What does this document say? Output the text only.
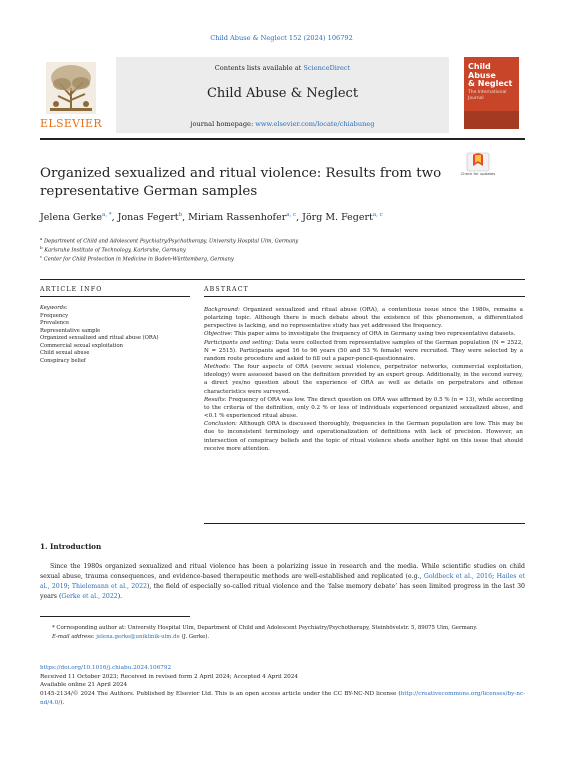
Child Abuse & Neglect 152 (2024) 106792
ELSEVIER
Contents lists available at ScienceDirect
Child Abuse & Neglect
journal homepage: www.elsevier.com/locate/chiabuneg
Child Abuse
& Neglect
The International Journal
Check for updates
Organized sexualized and ritual violence: Results from two representative German samples
Jelena Gerke$^{a, *}$, Jonas Fegert$^b$, Miriam Rassenhofer$^{a, c}$, Jörg M. Fegert$^{a, c}$
$^a$ Department of Child and Adolescent Psychiatry/Psychotherapy, University Hospital Ulm, Germany
$^b$ Karlsruhe Institute of Technology, Karlsruhe, Germany
$^c$ Center for Child Protection in Medicine in Baden-Württemberg, Germany
ARTICLE INFO	ABSTRACT
Keywords:
Frequency
Prevalence
Representative sample
Organized sexualized and ritual abuse (ORA)
Commercial sexual exploitation
Child sexual abuse
Conspiracy belief

Background: Organized sexualized and ritual abuse (ORA), a contentious issue since the 1980s, remains a polarizing topic. Although there is much debate about the existence of this phenomenon, a differentiated perspective is lacking, and no representative study has yet addressed the frequency.

Objective: This paper aims to investigate the frequency of ORA in Germany using two representative datasets.

Participants and setting: Data were collected from representative samples of the German population (N = 2522, N = 2515). Participants aged 16 to 96 years (50 and 53 % female) were recruited. They were selected by a random route procedure and asked to fill out a paper-pencil-questionnaire.

Methods: The four aspects of ORA (severe sexual violence, perpetrator networks, commercial exploitation, ideology) were assessed based on the definition provided by an expert group. Additionally, in the second survey, a direct yes/no question about the experience of ORA as well as details on perpetrators and offense characteristics were surveyed.

Results: Frequency of ORA was low. The direct question on ORA was affirmed by 0.5 % (n = 13), while according to the criteria of the definition, only 0.2 % or less of individuals experienced organized sexualized abuse, and <0.1 % experienced ritual abuse.

Conclusion: Although ORA is discussed thoroughly, frequencies in the German population are low. This may be due to inconsistent terminology and operationalization of definitions with lack of precision. However, an intersection of conspiracy beliefs and the topic of ritual violence sheds another light on this issue that should receive more attention.

1. Introduction

Since the 1980s organized sexualized and ritual violence has been a polarizing issue in research and the media. While scientific studies on child sexual abuse, trauma consequences, and evidence-based therapeutic methods are well-established and replicated (e.g., Goldbeck et al., 2016; Hailes et al., 2019; Thielemann et al., 2022), the field of especially so-called ritual violence and the ‘false memory debate’ has seen limited progress in the last 30 years (Gerke et al., 2022).

* Corresponding author at: University Hospital Ulm, Department of Child and Adolescent Psychiatry/Psychotherapy, Steinhövelstr. 5, 89075 Ulm, Germany.

E-mail address: jelena.gerke@uniklinik-ulm.de (J. Gerke).

https://doi.org/10.1016/j.chiabu.2024.106792

Received 11 October 2023; Received in revised form 2 April 2024; Accepted 4 April 2024

Available online 21 April 2024

0145-2134/© 2024 The Authors. Published by Elsevier Ltd. This is an open access article under the CC BY-NC-ND license (http://creativecommons.org/licenses/by-nc-nd/4.0/).
